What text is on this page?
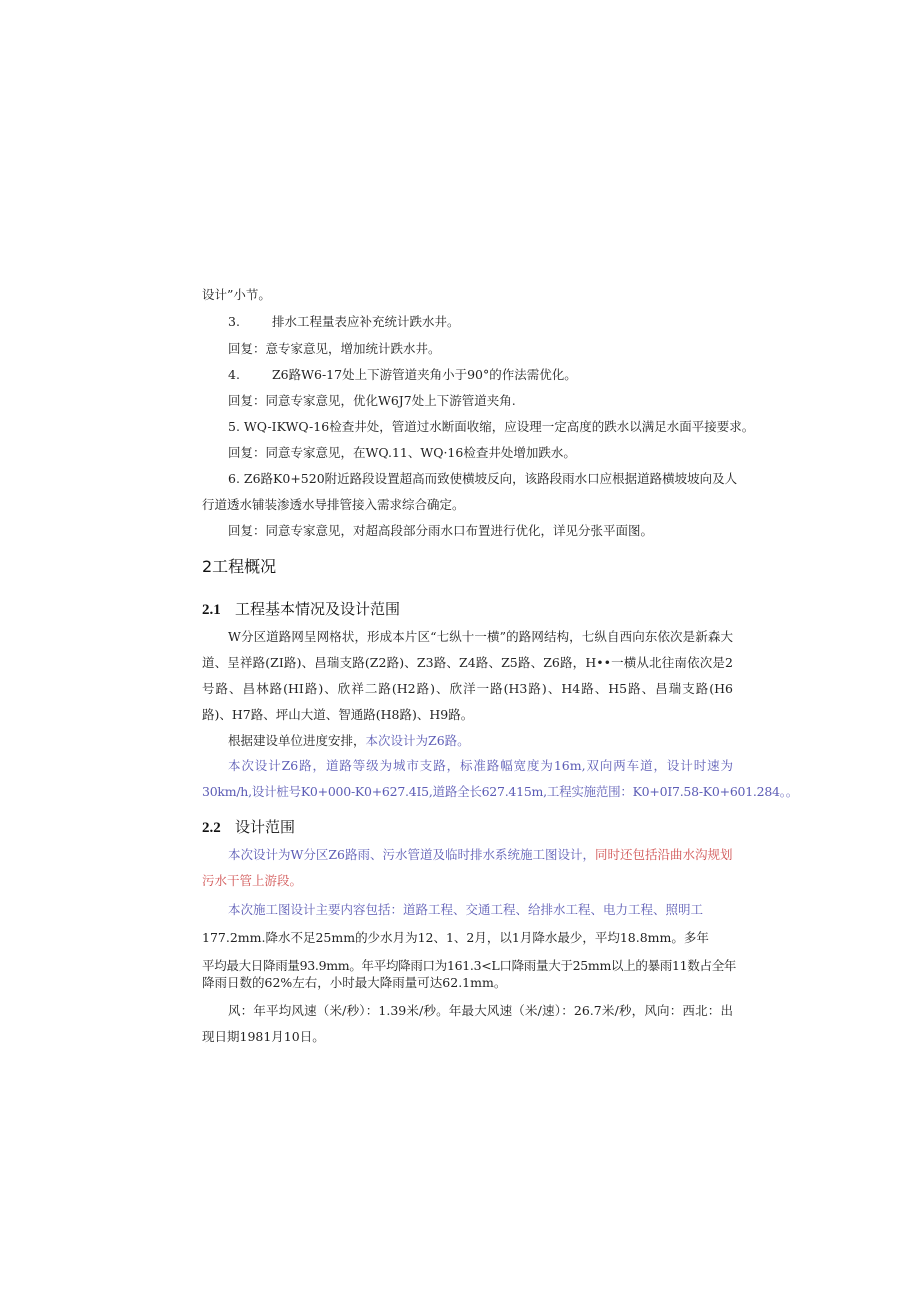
设计”小节。
3.	排水工程量表应补充统计跌水井。
回复：意专家意见，增加统计跌水井。
4.	Z6路W6-17处上下游管道夹角小于90°的作法需优化。
回复：同意专家意见，优化W6J7处上下游管道夹角.
5. WQ-IKWQ-16检查井处，管道过水断面收缩，应设理一定高度的跌水以满足水面平接要求。
回复：同意专家意见，在WQ.11、WQ·16检查井处增加跌水。
6. Z6路K0+520附近路段设置超高而致使横坡反向，该路段雨水口应根据道路横坡坡向及人
行道透水铺装渗透水导排管接入需求综合确定。
回复：同意专家意见，对超高段部分雨水口布置进行优化，详见分张平面图。
2工程概况
2.1 工程基本情况及设计范围
W分区道路网呈网格状，形成本片区“七纵十一横”的路网结构，七纵自西向东依次是新森大
道、呈祥路(ZI路)、昌瑞支路(Z2路)、Z3路、Z4路、Z5路、Z6路，H••一横从北往南依次是2
号路、昌林路(HI路)、欣祥二路(H2路)、欣洋一路(H3路)、H4路、H5路、昌瑞支路(H6
路)、H7路、坪山大道、智通路(H8路)、H9路。
根据建设单位进度安排，本次设计为Z6路。
本次设计Z6路，道路等级为城市支路，标准路幅宽度为16m,双向两车道，设计时速为
30km/h,设计桩号K0+000-K0+627.4I5,道路全长627.415m,工程实施范围：K0+0I7.58-K0+601.284。。
2.2 设计范围
本次设计为W分区Z6路雨、污水管道及临时排水系统施工图设计，同时还包括沿曲水沟规划
污水干管上游段。
本次施工图设计主要内容包括：道路工程、交通工程、给排水工程、电力工程、照明工
177.2mm.降水不足25mm的少水月为12、1、2月，以1月降水最少，平均18.8mm。多年
平均最大日降雨量93.9mm。年平均降雨口为161.3<L口降雨量大于25mm以上的暴雨11数占全年
降雨日数的62%左右，小时最大降雨量可达62.1mm。
风：年平均风速（米/秒）：1.39米/秒。年最大风速（米/速）：26.7米/秒，风向：西北：出
现日期1981月10日。
